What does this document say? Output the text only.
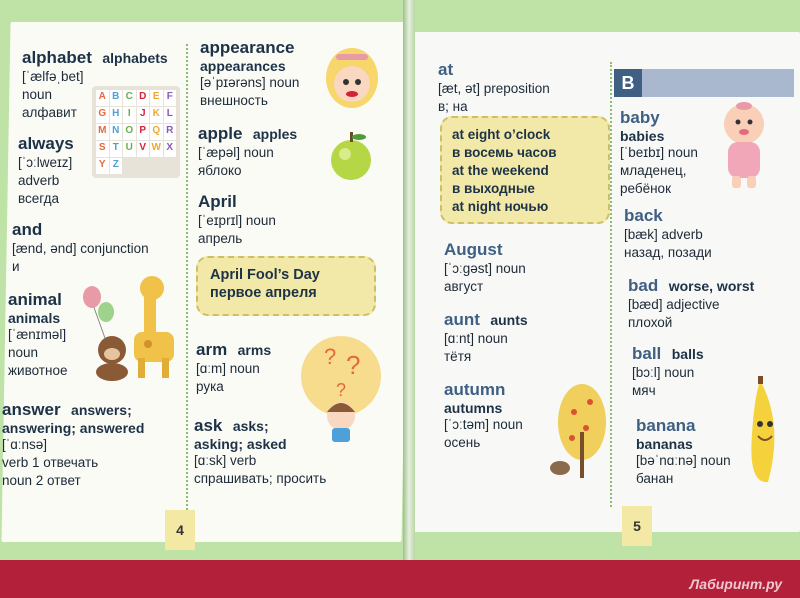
alphabet alphabets
[ˈælfəˌbet]
noun
алфавит
A B C D E F
G H I J K L
M N O P Q R
S T U V W X
Y Z
always
[ˈɔːlweɪz]
adverb
всегда
and
[ænd, ənd] conjunction
и
animal
animals
[ˈænɪməl]
noun
животное
answer answers;
answering; answered
[ˈɑːnsə]
verb 1 отвечать
noun 2 ответ
appearance
appearances
[əˈpɪərəns] noun
внешность
apple apples
[ˈæpəl] noun
яблоко
April
[ˈeɪprɪl] noun
апрель
April Fool’s Day
первое апреля
arm arms
[ɑːm] noun
рука
? ?
?
ask asks;
asking; asked
[ɑːsk] verb
спрашивать; просить
4
at
[æt, ət] preposition
в; на
at eight o’clock
в восемь часов
at the weekend
в выходные
at night ночью
August
[ˈɔːgəst] noun
август
aunt aunts
[ɑːnt] noun
тётя
autumn
autumns
[ˈɔːtəm] noun
осень
5
B
baby
babies
[ˈbeɪbɪ] noun
младенец,
ребёнок
back
[bæk] adverb
назад, позади
bad worse, worst
[bæd] adjective
плохой
ball balls
[bɔːl] noun
мяч
banana
bananas
[bəˈnɑːnə] noun
банан
Лабиринт.ру
